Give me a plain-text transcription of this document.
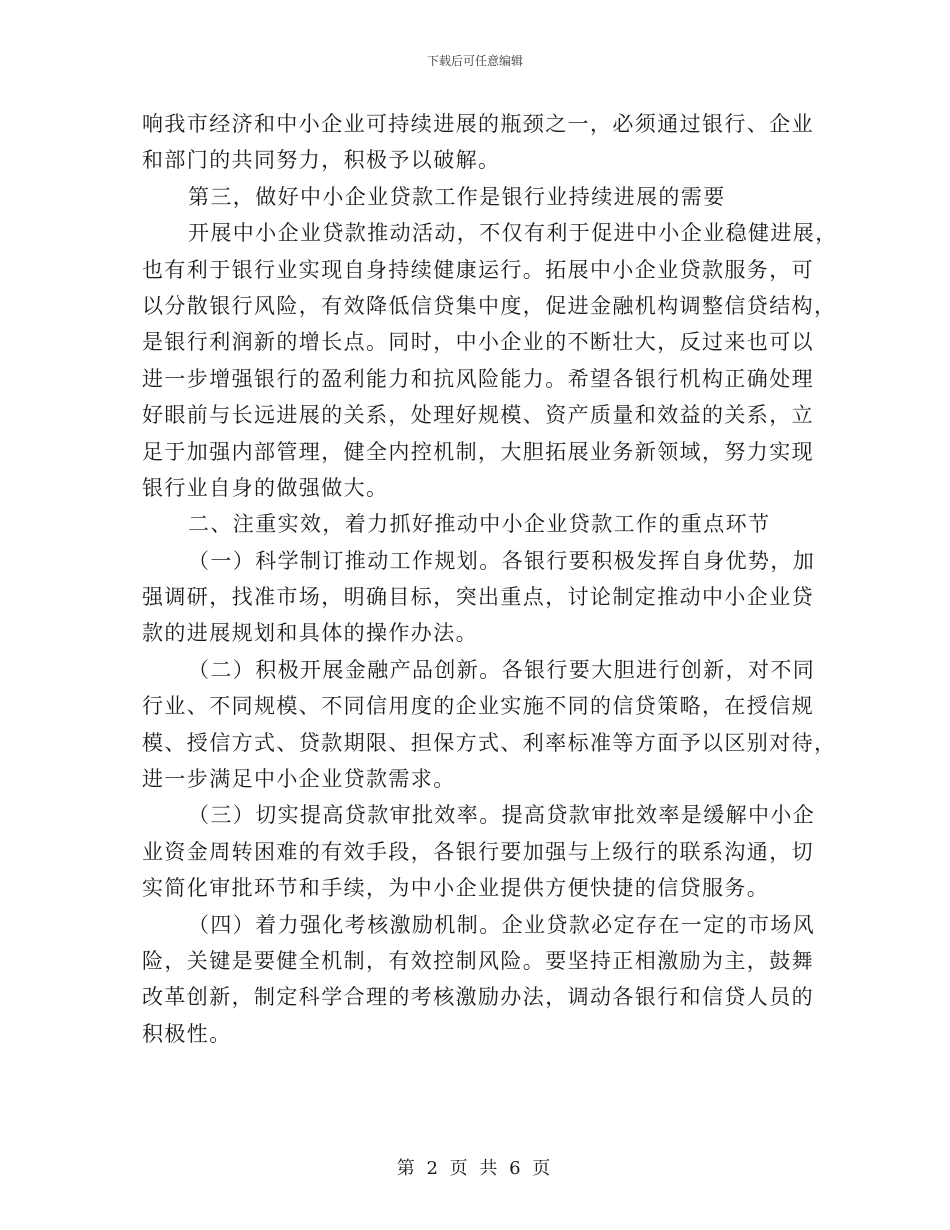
下载后可任意编辑
响我市经济和中小企业可持续进展的瓶颈之一，必须通过银行、企业
和部门的共同努力，积极予以破解。
第三，做好中小企业贷款工作是银行业持续进展的需要
开展中小企业贷款推动活动，不仅有利于促进中小企业稳健进展，
也有利于银行业实现自身持续健康运行。拓展中小企业贷款服务，可
以分散银行风险，有效降低信贷集中度，促进金融机构调整信贷结构，
是银行利润新的增长点。同时，中小企业的不断壮大，反过来也可以
进一步增强银行的盈利能力和抗风险能力。希望各银行机构正确处理
好眼前与长远进展的关系，处理好规模、资产质量和效益的关系，立
足于加强内部管理，健全内控机制，大胆拓展业务新领域，努力实现
银行业自身的做强做大。
二、注重实效，着力抓好推动中小企业贷款工作的重点环节
（一）科学制订推动工作规划。各银行要积极发挥自身优势，加
强调研，找准市场，明确目标，突出重点，讨论制定推动中小企业贷
款的进展规划和具体的操作办法。
（二）积极开展金融产品创新。各银行要大胆进行创新，对不同
行业、不同规模、不同信用度的企业实施不同的信贷策略，在授信规
模、授信方式、贷款期限、担保方式、利率标准等方面予以区别对待，
进一步满足中小企业贷款需求。
（三）切实提高贷款审批效率。提高贷款审批效率是缓解中小企
业资金周转困难的有效手段，各银行要加强与上级行的联系沟通，切
实简化审批环节和手续，为中小企业提供方便快捷的信贷服务。
（四）着力强化考核激励机制。企业贷款必定存在一定的市场风
险，关键是要健全机制，有效控制风险。要坚持正相激励为主，鼓舞
改革创新，制定科学合理的考核激励办法，调动各银行和信贷人员的
积极性。
第 2 页 共 6 页
